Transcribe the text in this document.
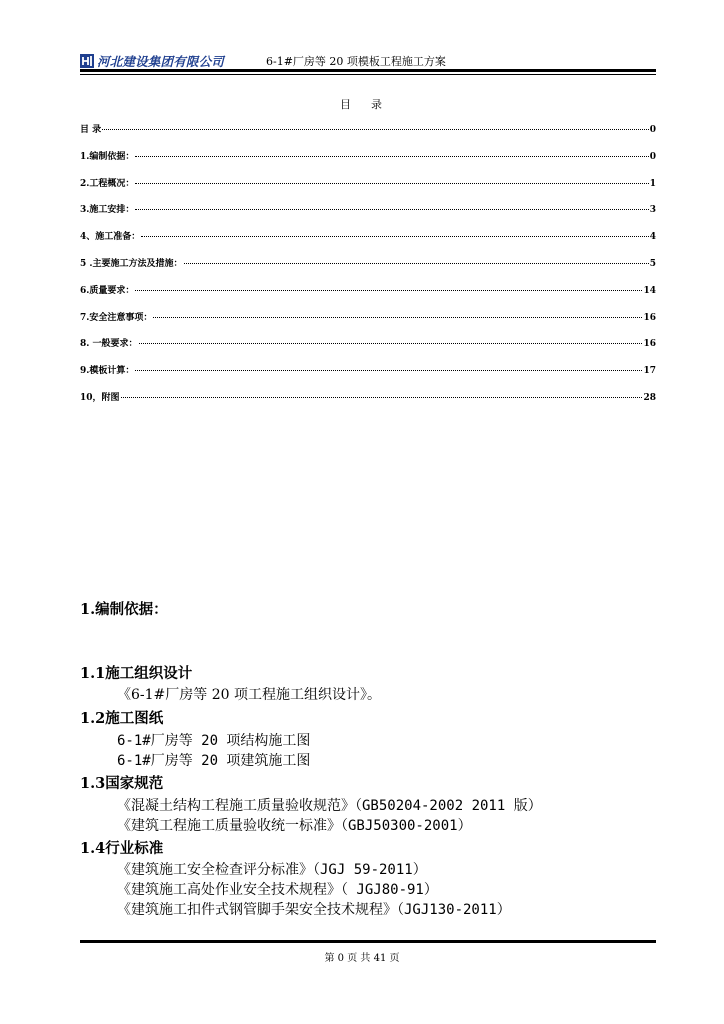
河北建设集团有限公司	6-1#厂房等 20 项模板工程施工方案
目 录
目 录	0
1.编制依据：	0
2.工程概况：	1
3.施工安排：	3
4、施工准备：	4
5 .主要施工方法及措施：	5
6.质量要求：	14
7.安全注意事项：	16
8. 一般要求：	16
9.模板计算：	17
10，附图	28
1.编制依据：
1.1施工组织设计
《6-1#厂房等 20 项工程施工组织设计》。
1.2施工图纸
6-1#厂房等 20 项结构施工图
6-1#厂房等 20 项建筑施工图
1.3国家规范
《混凝土结构工程施工质量验收规范》（GB50204-2002 2011 版）
《建筑工程施工质量验收统一标准》（GBJ50300-2001）
1.4行业标准
《建筑施工安全检查评分标准》（JGJ 59-2011）
《建筑施工高处作业安全技术规程》（ JGJ80-91）
《建筑施工扣件式钢管脚手架安全技术规程》（JGJ130-2011）
第 0 页 共 41 页
